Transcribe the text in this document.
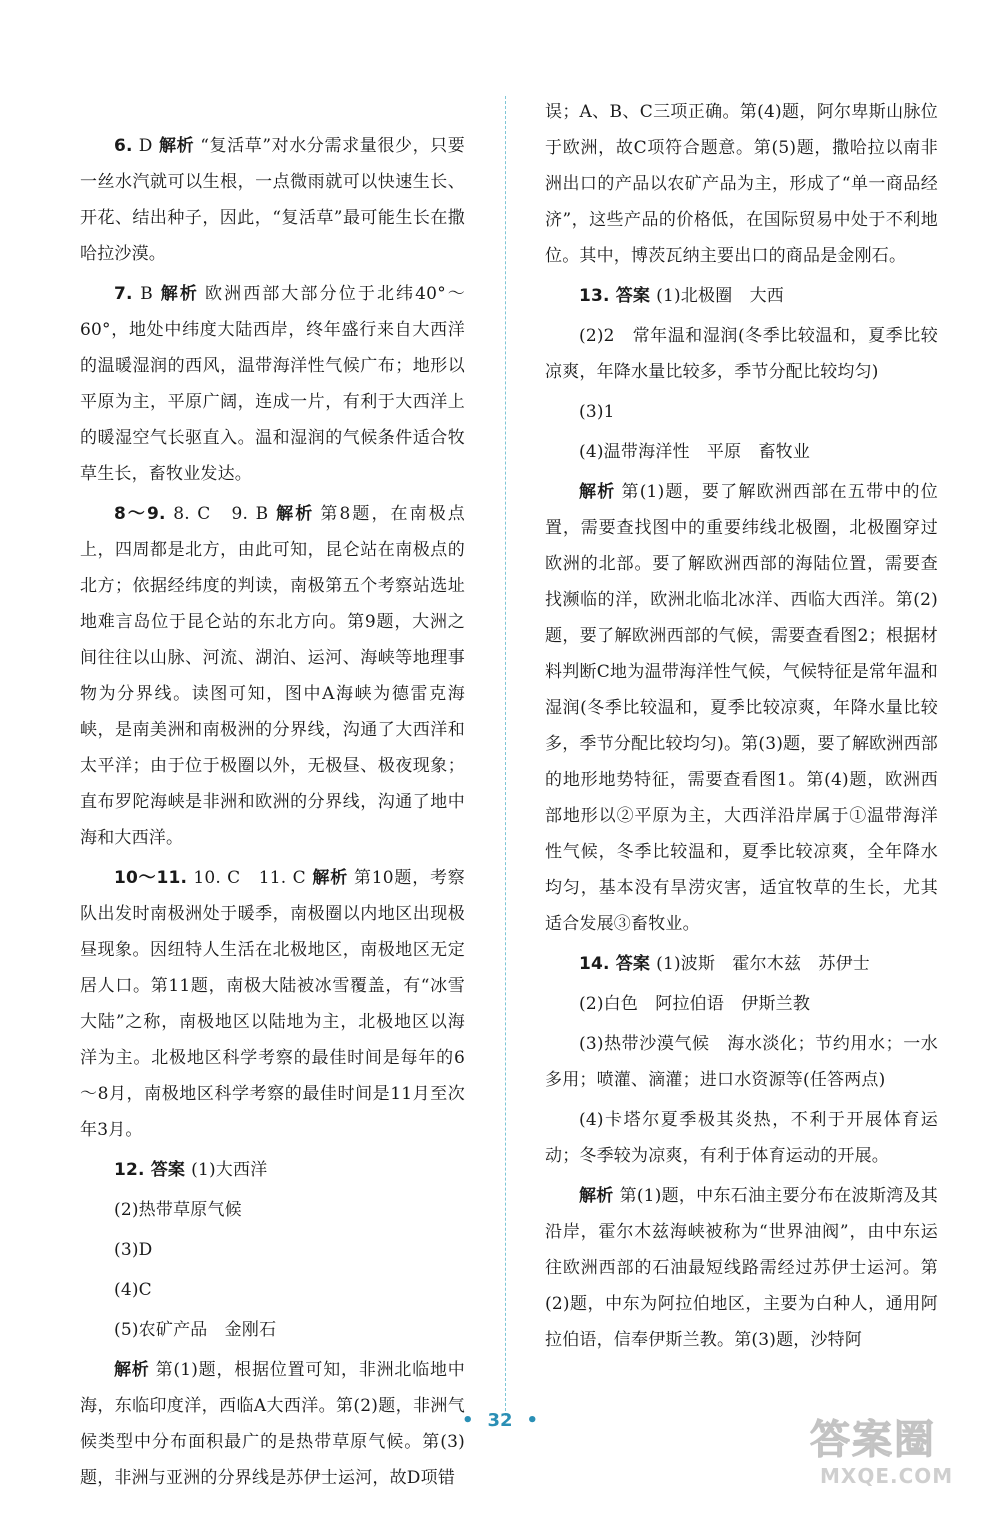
6. D 解析 “复活草”对水分需求量很少，只要一丝水汽就可以生根，一点微雨就可以快速生长、开花、结出种子，因此，“复活草”最可能生长在撒哈拉沙漠。

7. B 解析 欧洲西部大部分位于北纬40°～60°，地处中纬度大陆西岸，终年盛行来自大西洋的温暖湿润的西风，温带海洋性气候广布；地形以平原为主，平原广阔，连成一片，有利于大西洋上的暖湿空气长驱直入。温和湿润的气候条件适合牧草生长，畜牧业发达。

8～9. 8. C　9. B 解析 第8题，在南极点上，四周都是北方，由此可知，昆仑站在南极点的北方；依据经纬度的判读，南极第五个考察站选址地难言岛位于昆仑站的东北方向。第9题，大洲之间往往以山脉、河流、湖泊、运河、海峡等地理事物为分界线。读图可知，图中A海峡为德雷克海峡，是南美洲和南极洲的分界线，沟通了大西洋和太平洋；由于位于极圈以外，无极昼、极夜现象；直布罗陀海峡是非洲和欧洲的分界线，沟通了地中海和大西洋。

10～11. 10. C　11. C 解析 第10题，考察队出发时南极洲处于暖季，南极圈以内地区出现极昼现象。因纽特人生活在北极地区，南极地区无定居人口。第11题，南极大陆被冰雪覆盖，有“冰雪大陆”之称，南极地区以陆地为主，北极地区以海洋为主。北极地区科学考察的最佳时间是每年的6～8月，南极地区科学考察的最佳时间是11月至次年3月。

12. 答案 (1)大西洋

(2)热带草原气候

(3)D

(4)C

(5)农矿产品　金刚石

解析 第(1)题，根据位置可知，非洲北临地中海，东临印度洋，西临A大西洋。第(2)题，非洲气候类型中分布面积最广的是热带草原气候。第(3)题，非洲与亚洲的分界线是苏伊士运河，故D项错

误；A、B、C三项正确。第(4)题，阿尔卑斯山脉位于欧洲，故C项符合题意。第(5)题，撒哈拉以南非洲出口的产品以农矿产品为主，形成了“单一商品经济”，这些产品的价格低，在国际贸易中处于不利地位。其中，博茨瓦纳主要出口的商品是金刚石。

13. 答案 (1)北极圈　大西

(2)2　常年温和湿润(冬季比较温和，夏季比较凉爽，年降水量比较多，季节分配比较均匀)

(3)1

(4)温带海洋性　平原　畜牧业

解析 第(1)题，要了解欧洲西部在五带中的位置，需要查找图中的重要纬线北极圈，北极圈穿过欧洲的北部。要了解欧洲西部的海陆位置，需要查找濒临的洋，欧洲北临北冰洋、西临大西洋。第(2)题，要了解欧洲西部的气候，需要查看图2；根据材料判断C地为温带海洋性气候，气候特征是常年温和湿润(冬季比较温和，夏季比较凉爽，年降水量比较多，季节分配比较均匀)。第(3)题，要了解欧洲西部的地形地势特征，需要查看图1。第(4)题，欧洲西部地形以②平原为主，大西洋沿岸属于①温带海洋性气候，冬季比较温和，夏季比较凉爽，全年降水均匀，基本没有旱涝灾害，适宜牧草的生长，尤其适合发展③畜牧业。

14. 答案 (1)波斯　霍尔木兹　苏伊士

(2)白色　阿拉伯语　伊斯兰教

(3)热带沙漠气候　海水淡化；节约用水；一水多用；喷灌、滴灌；进口水资源等(任答两点)

(4)卡塔尔夏季极其炎热，不利于开展体育运动；冬季较为凉爽，有利于体育运动的开展。

解析 第(1)题，中东石油主要分布在波斯湾及其沿岸，霍尔木兹海峡被称为“世界油阀”，由中东运往欧洲西部的石油最短线路需经过苏伊士运河。第(2)题，中东为阿拉伯地区，主要为白种人，通用阿拉伯语，信奉伊斯兰教。第(3)题，沙特阿

• 32 •	答案圈
MXQE.COM
